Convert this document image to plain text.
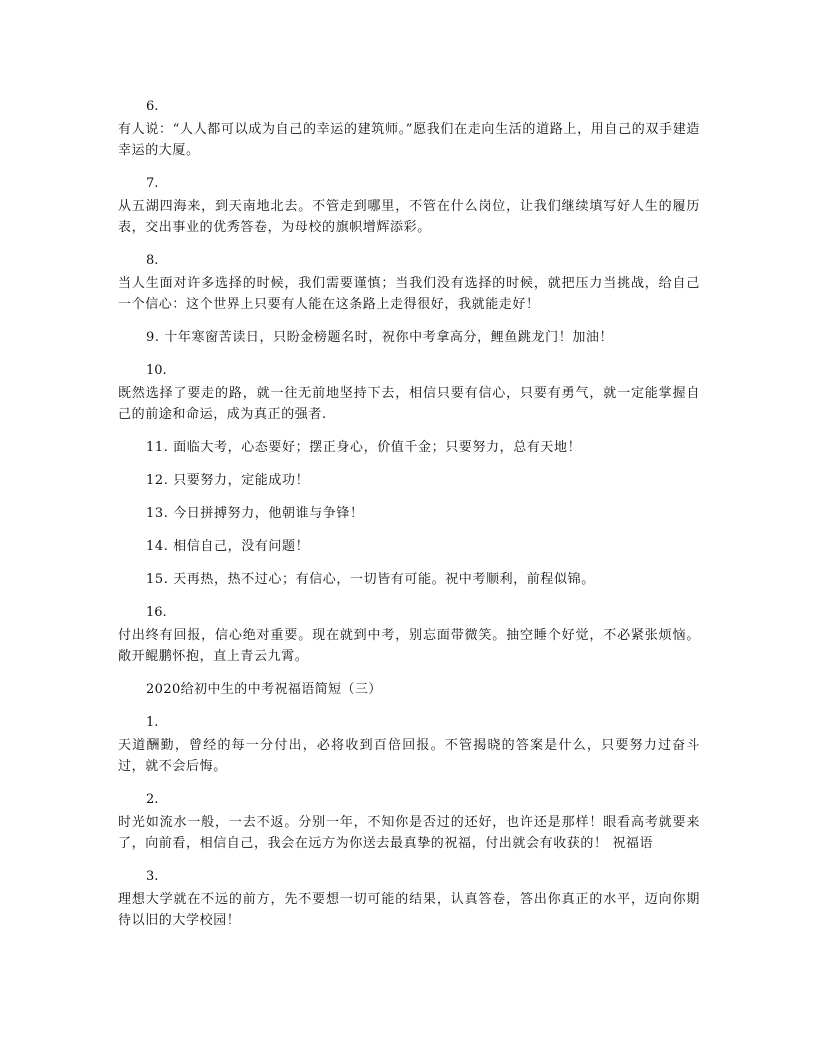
6.
有人说：“人人都可以成为自己的幸运的建筑师。”愿我们在走向生活的道路上，用自己的双手建造幸运的大厦。
7.
从五湖四海来，到天南地北去。不管走到哪里，不管在什么岗位，让我们继续填写好人生的履历表，交出事业的优秀答卷，为母校的旗帜增辉添彩。
8.
当人生面对许多选择的时候，我们需要谨慎；当我们没有选择的时候，就把压力当挑战，给自己一个信心：这个世界上只要有人能在这条路上走得很好，我就能走好！
9. 十年寒窗苦读日，只盼金榜题名时，祝你中考拿高分，鲤鱼跳龙门！加油！
10.
既然选择了要走的路，就一往无前地坚持下去，相信只要有信心，只要有勇气，就一定能掌握自己的前途和命运，成为真正的强者.
11. 面临大考，心态要好；摆正身心，价值千金；只要努力，总有天地！
12. 只要努力，定能成功！
13. 今日拼搏努力，他朝谁与争锋！
14. 相信自己，没有问题！
15. 天再热，热不过心；有信心，一切皆有可能。祝中考顺利，前程似锦。
16.
付出终有回报，信心绝对重要。现在就到中考，别忘面带微笑。抽空睡个好觉，不必紧张烦恼。敞开鲲鹏怀抱，直上青云九霄。
2020给初中生的中考祝福语简短（三）
1.
天道酬勤，曾经的每一分付出，必将收到百倍回报。不管揭晓的答案是什么，只要努力过奋斗过，就不会后悔。
2.
时光如流水一般，一去不返。分别一年，不知你是否过的还好，也许还是那样！眼看高考就要来了，向前看，相信自己，我会在远方为你送去最真挚的祝福，付出就会有收获的！ 祝福语
3.
理想大学就在不远的前方，先不要想一切可能的结果，认真答卷，答出你真正的水平，迈向你期待以旧的大学校园！
